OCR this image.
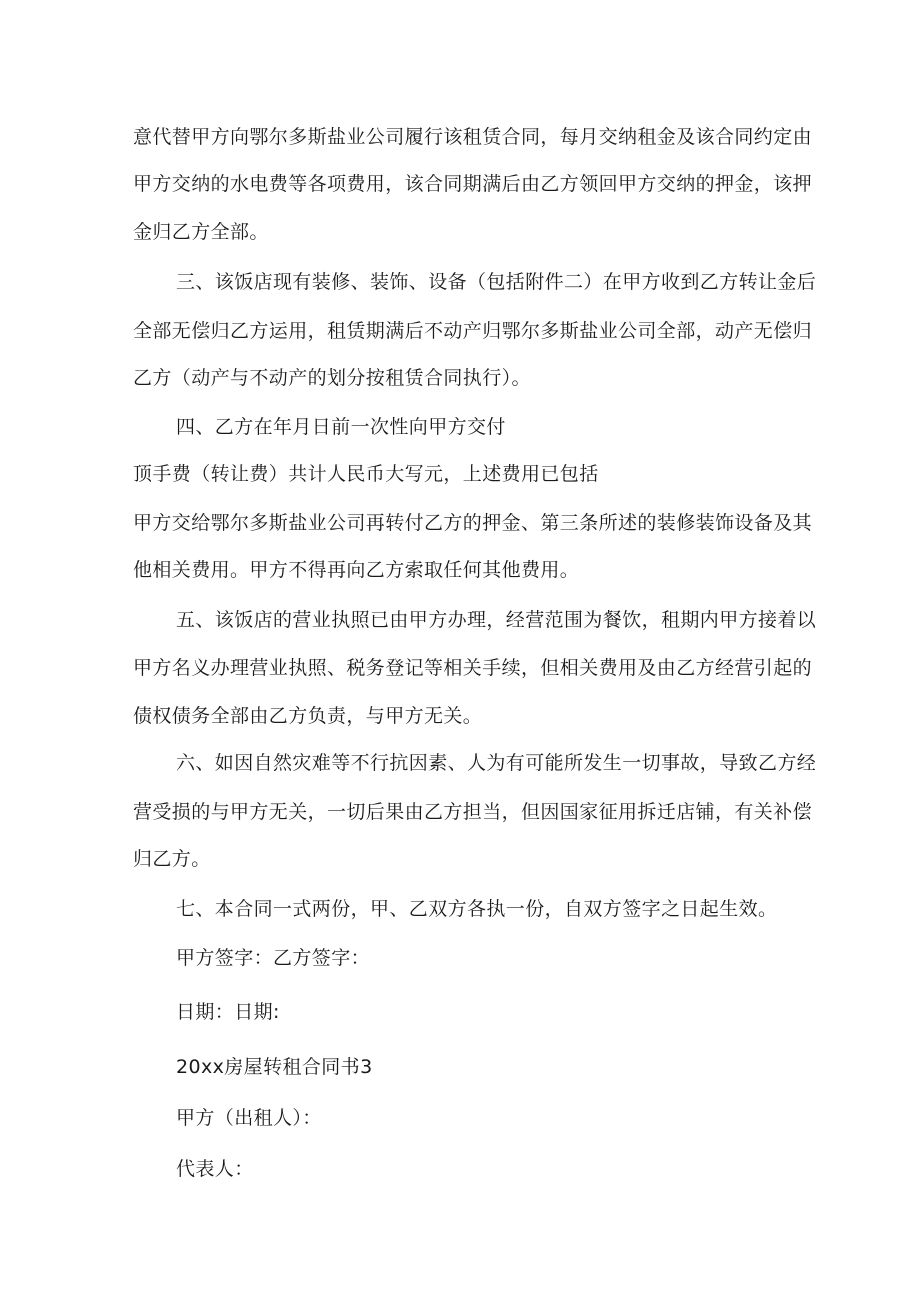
意代替甲方向鄂尔多斯盐业公司履行该租赁合同，每月交纳租金及该合同约定由
甲方交纳的水电费等各项费用，该合同期满后由乙方领回甲方交纳的押金，该押
金归乙方全部。
三、该饭店现有装修、装饰、设备（包括附件二）在甲方收到乙方转让金后
全部无偿归乙方运用，租赁期满后不动产归鄂尔多斯盐业公司全部，动产无偿归
乙方（动产与不动产的划分按租赁合同执行）。
四、乙方在年月日前一次性向甲方交付
顶手费（转让费）共计人民币大写元，上述费用已包括
甲方交给鄂尔多斯盐业公司再转付乙方的押金、第三条所述的装修装饰设备及其
他相关费用。甲方不得再向乙方索取任何其他费用。
五、该饭店的营业执照已由甲方办理，经营范围为餐饮，租期内甲方接着以
甲方名义办理营业执照、税务登记等相关手续，但相关费用及由乙方经营引起的
债权债务全部由乙方负责，与甲方无关。
六、如因自然灾难等不行抗因素、人为有可能所发生一切事故，导致乙方经
营受损的与甲方无关，一切后果由乙方担当，但因国家征用拆迁店铺，有关补偿
归乙方。
七、本合同一式两份，甲、乙双方各执一份，自双方签字之日起生效。
甲方签字：乙方签字：
日期：日期:
20xx房屋转租合同书3
甲方（出租人）：
代表人：
